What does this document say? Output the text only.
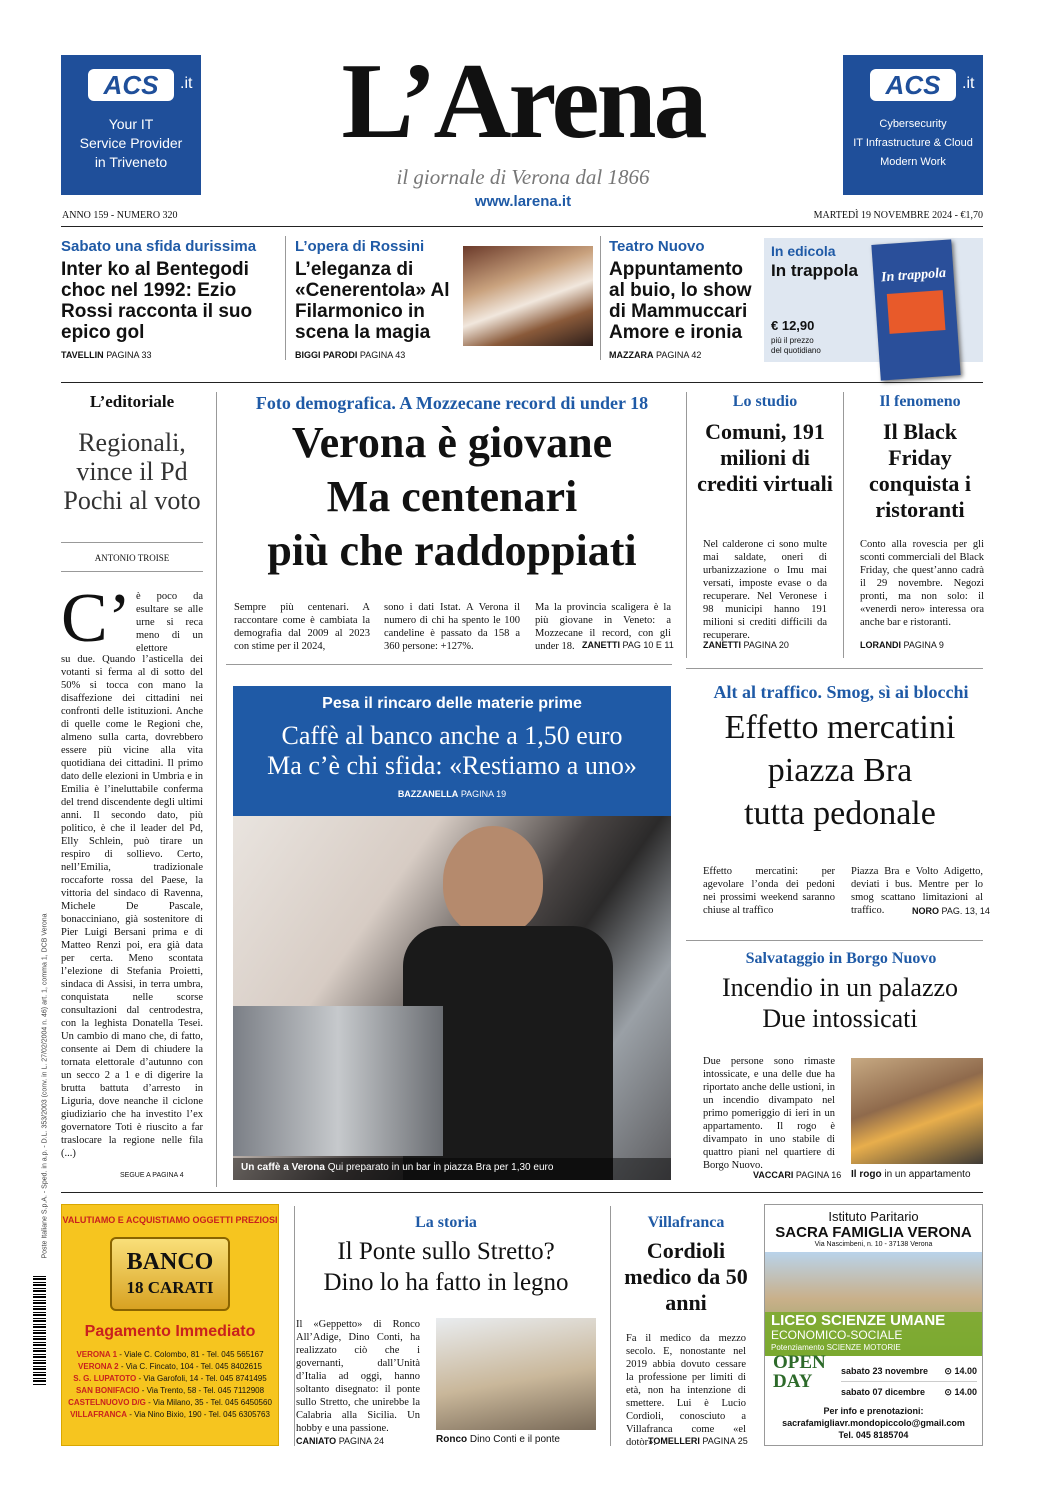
ACS .it
Your IT
Service Provider
in Triveneto
L’Arena
il giornale di Verona dal 1866
www.larena.it
ACS .it
Cybersecurity
IT Infrastructure & Cloud
Modern Work
ANNO 159 - NUMERO 320	MARTEDÌ 19 NOVEMBRE 2024 - €1,70
Sabato una sfida durissima
Inter ko al Bentegodi choc nel 1992: Ezio Rossi racconta il suo epico gol
TAVELLIN PAGINA 33
L’opera di Rossini
L’eleganza di «Cenerentola» Al Filarmonico in scena la magia
BIGGI PARODI PAGINA 43
Teatro Nuovo
Appuntamento al buio, lo show di Mammuccari Amore e ironia
MAZZARA PAGINA 42
In edicola
In trappola
€ 12,90
più il prezzo
del quotidiano
In trappola
L’editoriale
Regionali, vince il Pd Pochi al voto
ANTONIO TROISE
C’ è poco da esultare se alle urne si reca meno di un elettore
su due. Quando l’asticella dei votanti si ferma al di sotto del 50% si tocca con mano la disaffezione dei cittadini nei confronti delle istituzioni. Anche di quelle come le Regioni che, almeno sulla carta, dovrebbero essere più vicine alla vita quotidiana dei cittadini. Il primo dato delle elezioni in Umbria e in Emilia è l’ineluttabile conferma del trend discendente degli ultimi anni. Il secondo dato, più politico, è che il leader del Pd, Elly Schlein, può tirare un respiro di sollievo. Certo, nell’Emilia, tradizionale roccaforte rossa del Paese, la vittoria del sindaco di Ravenna, Michele De Pascale, bonacciniano, già sostenitore di Pier Luigi Bersani prima e di Matteo Renzi poi, era già data per certa. Meno scontata l’elezione di Stefania Proietti, sindaca di Assisi, in terra umbra, conquistata nelle scorse consultazioni dal centrodestra, con la leghista Donatella Tesei. Un cambio di mano che, di fatto, consente ai Dem di chiudere la tornata elettorale d’autunno con un secco 2 a 1 e di digerire la brutta battuta d’arresto in Liguria, dove neanche il ciclone giudiziario che ha investito l’ex governatore Toti è riuscito a far traslocare la regione nelle fila (...)
SEGUE A PAGINA 4
Poste Italiane S.p.A. - Sped. in a.p. - D.L. 353/2003 (conv. in L. 27/02/2004 n. 46) art. 1, comma 1, DCB Verona
Foto demografica. A Mozzecane record di under 18
Verona è giovane
Ma centenari
più che raddoppiati
Sempre più centenari. A raccontare come è cambiata la demografia dal 2009 al 2023 con stime per il 2024,
sono i dati Istat. A Verona il numero di chi ha spento le 100 candeline è passato da 158 a 360 persone: +127%.
Ma la provincia scaligera è la più giovane in Veneto: a Mozzecane il record, con gli under 18. ZANETTI PAG 10 E 11
Lo studio
Comuni, 191 milioni di crediti virtuali
Nel calderone ci sono multe mai saldate, oneri di urbanizzazione o Imu mai versati, imposte evase o da recuperare. Nel Veronese i 98 municipi hanno 191 milioni si crediti difficili da recuperare.
ZANETTI PAGINA 20
Il fenomeno
Il Black Friday conquista i ristoranti
Conto alla rovescia per gli sconti commerciali del Black Friday, che quest’anno cadrà il 29 novembre. Negozi pronti, ma non solo: il «venerdì nero» interessa ora anche bar e ristoranti.
LORANDI PAGINA 9
Pesa il rincaro delle materie prime
Caffè al banco anche a 1,50 euro
Ma c’è chi sfida: «Restiamo a uno»
BAZZANELLA PAGINA 19
Un caffè a Verona Qui preparato in un bar in piazza Bra per 1,30 euro
Alt al traffico. Smog, sì ai blocchi
Effetto mercatini
piazza Bra
tutta pedonale
Effetto mercatini: per agevolare l’onda dei pedoni nei prossimi weekend saranno chiuse al traffico
Piazza Bra e Volto Adigetto, deviati i bus. Mentre per lo smog scattano limitazioni al traffico.	NORO PAG. 13, 14
Salvataggio in Borgo Nuovo
Incendio in un palazzo
Due intossicati
Due persone sono rimaste intossicate, e una delle due ha riportato anche delle ustioni, in un incendio divampato nel primo pomeriggio di ieri in un appartamento. Il rogo è divampato in uno stabile di quattro piani nel quartiere di Borgo Nuovo.
VACCARI PAGINA 16 Il rogo in un appartamento
VALUTIAMO E ACQUISTIAMO OGGETTI PREZIOSI
BANCO
18 CARATI
Pagamento Immediato
VERONA 1 - Viale C. Colombo, 81 - Tel. 045 565167
VERONA 2 - Via C. Fincato, 104 - Tel. 045 8402615
S. G. LUPATOTO - Via Garofoli, 14 - Tel. 045 8741495
SAN BONIFACIO - Via Trento, 58 - Tel. 045 7112908
CASTELNUOVO D/G - Via Milano, 35 - Tel. 045 6450560
VILLAFRANCA - Via Nino Bixio, 190 - Tel. 045 6305763
La storia
Il Ponte sullo Stretto?
Dino lo ha fatto in legno
Il «Geppetto» di Ronco All’Adige, Dino Conti, ha realizzato ciò che i governanti, dall’Unità d’Italia ad oggi, hanno soltanto disegnato: il ponte sullo Stretto, che unirebbe la Calabria alla Sicilia. Un hobby e una passione.
CANIATO PAGINA 24	Ronco Dino Conti e il ponte
Villafranca
Cordioli medico da 50 anni
Fa il medico da mezzo secolo. E, nonostante nel 2019 abbia dovuto cessare la professione per limiti di età, non ha intenzione di smettere. Lui è Lucio Cordioli, conosciuto a Villafranca come «el dotòr».
TOMELLERI PAGINA 25
Istituto Paritario
SACRA FAMIGLIA VERONA
Via Nascimbeni, n. 10 - 37138 Verona
LICEO SCIENZE UMANE
ECONOMICO-SOCIALE
Potenziamento SCIENZE MOTORIE
OPEN
DAY	sabato 23 novembre ⊙ 14.00
sabato 07 dicembre ⊙ 14.00
Per info e prenotazioni:
sacrafamigliavr.mondopiccolo@gmail.com
Tel. 045 8185704
